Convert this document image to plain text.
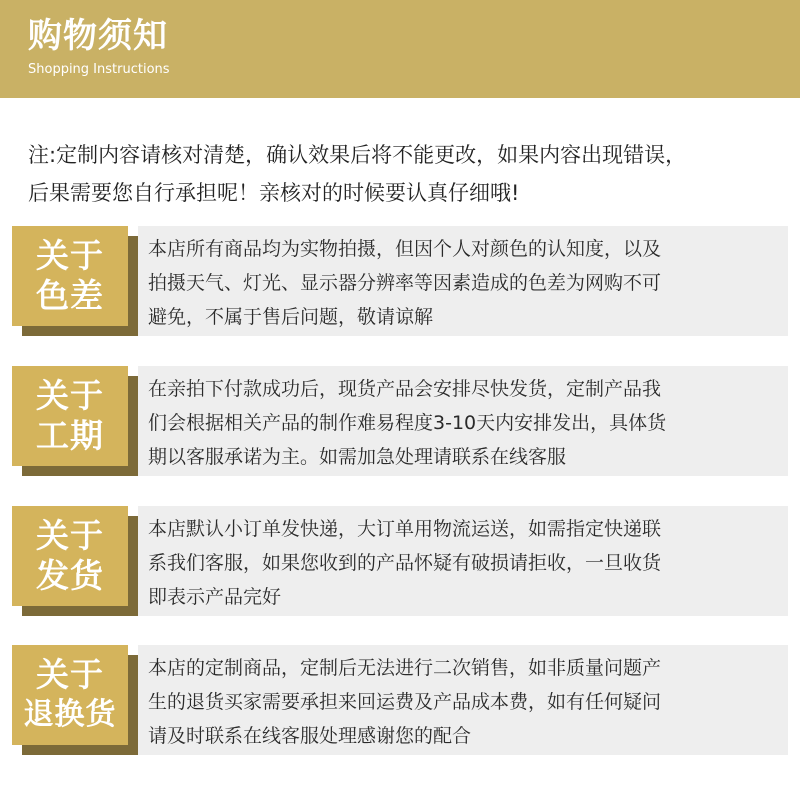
购物须知
Shopping Instructions
注:定制内容请核对清楚，确认效果后将不能更改，如果内容出现错误，
后果需要您自行承担呢！亲核对的时候要认真仔细哦!
关于
色差
本店所有商品均为实物拍摄，但因个人对颜色的认知度，以及
拍摄天气、灯光、显示器分辨率等因素造成的色差为网购不可
避免，不属于售后问题，敬请谅解
关于
工期
在亲拍下付款成功后，现货产品会安排尽快发货，定制产品我
们会根据相关产品的制作难易程度3-10天内安排发出，具体货
期以客服承诺为主。如需加急处理请联系在线客服
关于
发货
本店默认小订单发快递，大订单用物流运送，如需指定快递联
系我们客服，如果您收到的产品怀疑有破损请拒收，一旦收货
即表示产品完好
关于
退换货
本店的定制商品，定制后无法进行二次销售，如非质量问题产
生的退货买家需要承担来回运费及产品成本费，如有任何疑问
请及时联系在线客服处理感谢您的配合
